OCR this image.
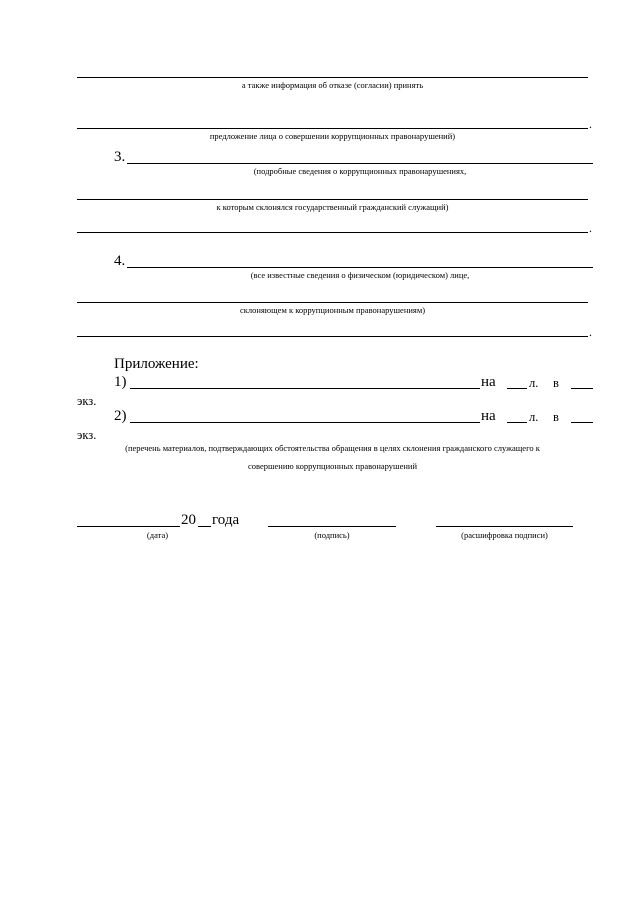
а также информация об отказе (согласии) принять
.
предложение лица о совершении коррупционных правонарушений)
3.
(подробные сведения о коррупционных правонарушениях,
к которым склонялся государственный гражданский служащий)
.
4.
(все известные сведения о физическом (юридическом) лице,
склоняющем к коррупционным правонарушениям)
.
Приложение:
1)	на	л. в
экз.
2)	на	л. в
экз.
(перечень материалов, подтверждающих обстоятельства обращения в целях склонения гражданского служащего к
совершению коррупционных правонарушений
20 года
(дата)	(подпись)	(расшифровка подписи)
